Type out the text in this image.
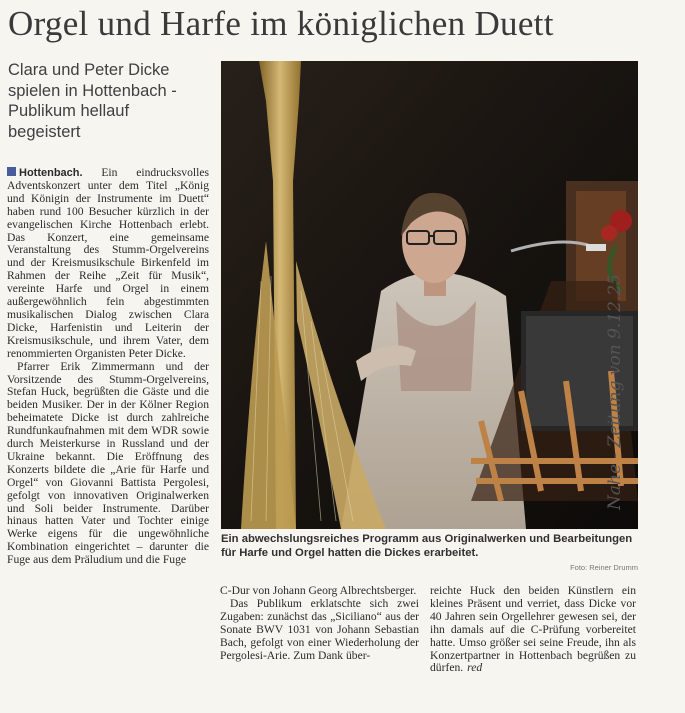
Orgel und Harfe im königlichen Duett
Clara und Peter Dicke
spielen in Hottenbach -
Publikum hellauf
begeistert

Hottenbach. Ein eindrucksvolles Adventskonzert unter dem Titel „König und Königin der Instrumente im Duett“ haben rund 100 Besucher kürzlich in der evangelischen Kirche Hottenbach erlebt. Das Konzert, eine gemeinsame Veranstaltung des Stumm-Orgelvereins und der Kreismusikschule Birkenfeld im Rahmen der Reihe „Zeit für Musik“, vereinte Harfe und Orgel in einem außergewöhnlich fein abgestimmten musikalischen Dialog zwischen Clara Dicke, Harfenistin und Leiterin der Kreismusikschule, und ihrem Vater, dem renommierten Organisten Peter Dicke.

Pfarrer Erik Zimmermann und der Vorsitzende des Stumm-Orgelvereins, Stefan Huck, begrüßten die Gäste und die beiden Musiker. Der in der Kölner Region beheimatete Dicke ist durch zahlreiche Rundfunkaufnahmen mit dem WDR sowie durch Meisterkurse in Russland und der Ukraine bekannt. Die Eröffnung des Konzerts bildete die „Arie für Harfe und Orgel“ von Giovanni Battista Pergolesi, gefolgt von innovativen Originalwerken und Soli beider Instrumente. Darüber hinaus hatten Vater und Tochter einige Werke eigens für die ungewöhnliche Kombination eingerichtet – darunter die Fuge aus dem Präludium und die Fuge

Ein abwechslungsreiches Programm aus Originalwerken und Bearbeitungen
für Harfe und Orgel hatten die Dickes erarbeitet.
Foto: Reiner Drumm

C-Dur von Johann Georg Albrechtsberger.

Das Publikum erklatschte sich zwei Zugaben: zunächst das „Siciliano“ aus der Sonate BWV 1031 von Johann Sebastian Bach, gefolgt von einer Wiederholung der Pergolesi-Arie. Zum Dank über-

reichte Huck den beiden Künstlern ein kleines Präsent und verriet, dass Dicke vor 40 Jahren sein Orgellehrer gewesen sei, der ihn damals auf die C-Prüfung vorbereitet hatte. Umso größer sei seine Freude, ihn als Konzertpartner in Hottenbach begrüßen zu dürfen. red

Nahe - Zeitung von 9.12.25
